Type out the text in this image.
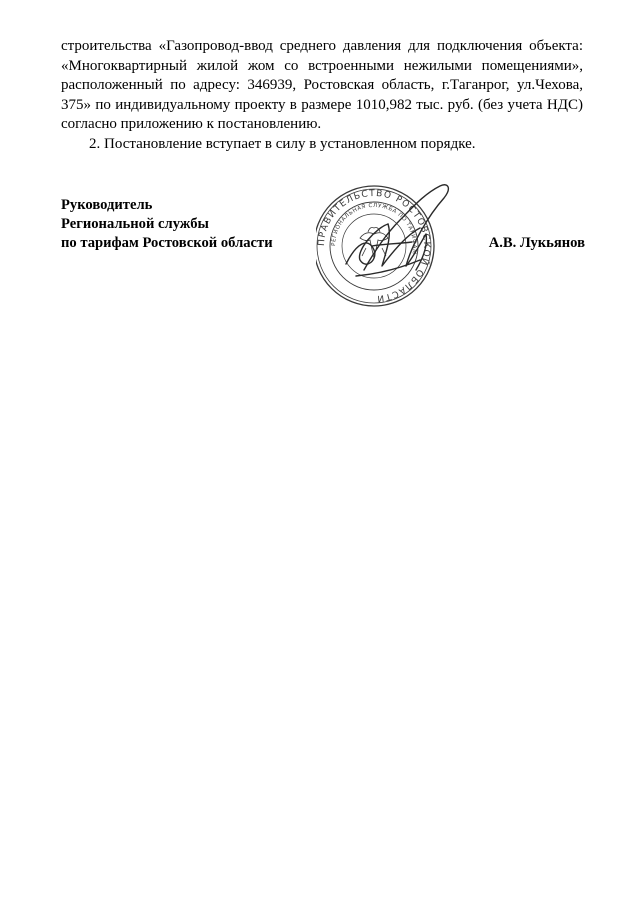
строительства «Газопровод-ввод среднего давления для подключения объекта: «Многоквартирный жилой жом со встроенными нежилыми помещениями», расположенный по адресу: 346939, Ростовская область, г.Таганрог, ул.Чехова, 375» по индивидуальному проекту в размере 1010,982 тыс. руб. (без учета НДС) согласно приложению к постановлению.

2. Постановление вступает в силу в установленном порядке.

Руководитель
Региональной службы
по тарифам Ростовской области	ПРАВИТЕЛЬСТВО РОСТОВСКОЙ ОБЛАСТИ
РЕГИОНАЛЬНАЯ СЛУЖБА ПО ТАРИФАМ
А.В. Лукьянов
